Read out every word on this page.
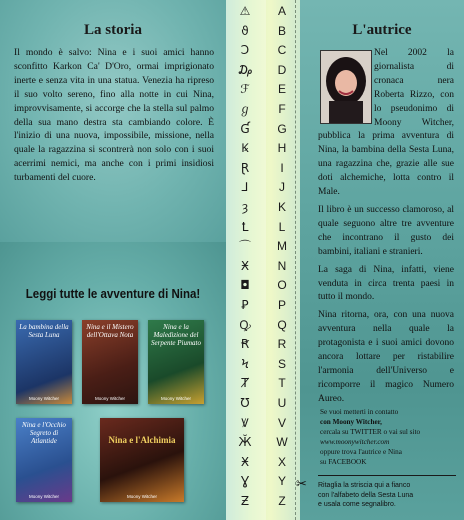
La storia
Il mondo è salvo: Nina e i suoi amici hanno sconfitto Karkon Ca' D'Oro, ormai imprigionato inerte e senza vita in una statua. Venezia ha ripreso il suo volto sereno, fino alla notte in cui Nina, improvvisamente, si accorge che la stella sul palmo della sua mano destra sta cambiando colore. È l'inizio di una nuova, impossibile, missione, nella quale la ragazzina si scontrerà non solo con i suoi acerrimi nemici, ma anche con i primi insidiosi turbamenti del cuore.
Leggi tutte le avventure di Nina!
La bambina della Sesta Luna
Moony Witcher
Nina e il Mistero dell'Ottava Nota
Moony Witcher
Nina e la Maledizione del Serpente Piumato
Moony Witcher
Nina e l'Occhio Segreto di Atlantide
Moony Witcher
Nina e l'Alchimia
Moony Witcher
⚠	A
ϑ	B
Ↄ	C
₯	D
ℱ	E
ℊ	F
Ɠ	G
Ꝃ	H
Ɽ	I
⅃	J
ȝ	K
Ꝉ	L
⌒	M
Ӿ	N
◘	O
Ꝑ	P
Ꝙ	Q
Ꞧ	R
Ϟ	S
Ⱦ	T
Ʊ	U
Ꝟ	V
Ӂ	W
Ӿ	X
Ɣ	Y
Ƶ	Z
L'autrice

Nel 2002 la giornalista di cronaca nera Roberta Rizzo, con lo pseudonimo di Moony Witcher, pubblica la prima avventura di Nina, la bambina della Sesta Luna, una ragazzina che, grazie alle sue doti alchemiche, lotta contro il Male.

Il libro è un successo clamoroso, al quale seguono altre tre avventure che incontrano il gusto dei bambini, italiani e stranieri.

La saga di Nina, infatti, viene venduta in circa trenta paesi in tutto il mondo.

Nina ritorna, ora, con una nuova avventura nella quale la protagonista e i suoi amici dovono ancora lottare per ristabilire l'armonia dell'Universo e ricomporre il magico Numero Aureo.

Se vuoi metterti in contatto
con Moony Witcher,
cercala su TWITTER o vai sul sito
www.moonywitcher.com
oppure trova l'autrice e Nina
su FACEBOOK
✂ Ritaglia la striscia qui a fianco
con l'alfabeto della Sesta Luna
e usala come segnalibro.
